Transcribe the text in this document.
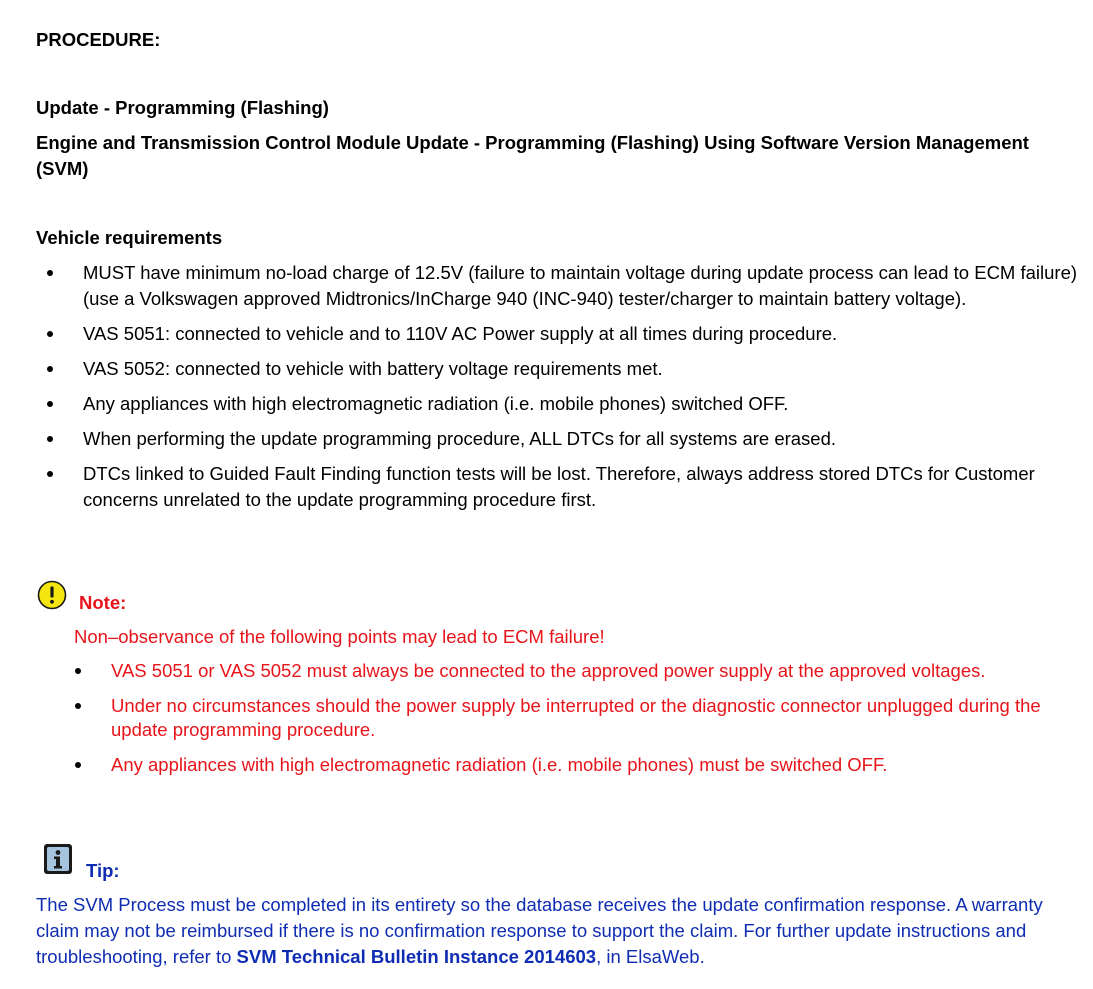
PROCEDURE:

Update - Programming (Flashing)

Engine and Transmission Control Module Update - Programming (Flashing) Using Software Version Management (SVM)

Vehicle requirements

MUST have minimum no-load charge of 12.5V (failure to maintain voltage during update process can lead to ECM failure) (use a Volkswagen approved Midtronics/InCharge 940 (INC-940) tester/charger to maintain battery voltage).
VAS 5051: connected to vehicle and to 110V AC Power supply at all times during procedure.
VAS 5052: connected to vehicle with battery voltage requirements met.
Any appliances with high electromagnetic radiation (i.e. mobile phones) switched OFF.
When performing the update programming procedure, ALL DTCs for all systems are erased.
DTCs linked to Guided Fault Finding function tests will be lost. Therefore, always address stored DTCs for Customer concerns unrelated to the update programming procedure first.

Note:

Non–observance of the following points may lead to ECM failure!

VAS 5051 or VAS 5052 must always be connected to the approved power supply at the approved voltages.
Under no circumstances should the power supply be interrupted or the diagnostic connector unplugged during the update programming procedure.
Any appliances with high electromagnetic radiation (i.e. mobile phones) must be switched OFF.

Tip:

The SVM Process must be completed in its entirety so the database receives the update confirmation response. A warranty claim may not be reimbursed if there is no confirmation response to support the claim. For further update instructions and troubleshooting, refer to SVM Technical Bulletin Instance 2014603, in ElsaWeb.
